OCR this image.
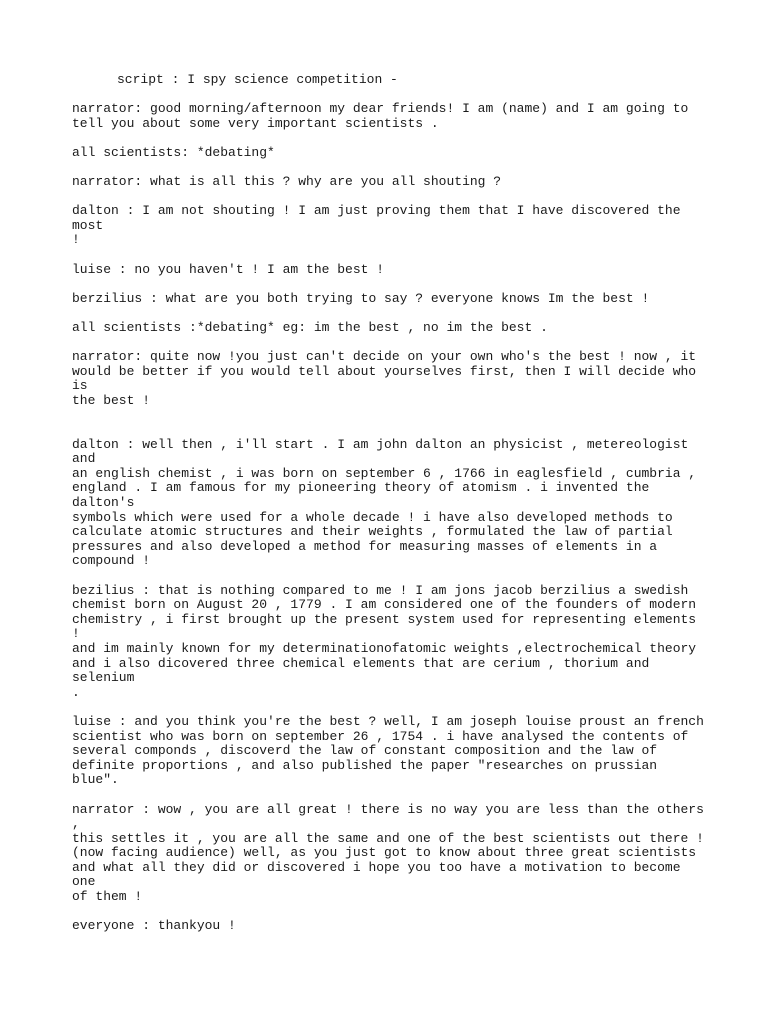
script : I spy science competition -

narrator: good morning/afternoon my dear friends! I am (name) and I am going to
tell you about some very important scientists .

all scientists: *debating*

narrator: what is all this ? why are you all shouting ?

dalton : I am not shouting ! I am just proving them that I have discovered the most
!

luise : no you haven't ! I am the best !

berzilius : what are you both trying to say ? everyone knows Im the best !

all scientists :*debating* eg: im the best , no im the best .

narrator: quite now !you just can't decide on your own who's the best ! now , it
would be better if you would tell about yourselves first, then I will decide who is
the best !

dalton : well then , i'll start . I am john dalton an physicist , metereologist and
an english chemist , i was born on september 6 , 1766 in eaglesfield , cumbria ,
england . I am famous for my pioneering theory of atomism . i invented the dalton's
symbols which were used for a whole decade ! i have also developed methods to
calculate atomic structures and their weights , formulated the law of partial
pressures and also developed a method for measuring masses of elements in a
compound !

bezilius : that is nothing compared to me ! I am jons jacob berzilius a swedish
chemist born on August 20 , 1779 . I am considered one of the founders of modern
chemistry , i first brought up the present system used for representing elements !
and im mainly known for my determinationofatomic weights ,electrochemical theory
and i also dicovered three chemical elements that are cerium , thorium and selenium
.

luise : and you think you're the best ? well, I am joseph louise proust an french
scientist who was born on september 26 , 1754 . i have analysed the contents of
several componds , discoverd the law of constant composition and the law of
definite proportions , and also published the paper "researches on prussian blue".

narrator : wow , you are all great ! there is no way you are less than the others ,
this settles it , you are all the same and one of the best scientists out there !
(now facing audience) well, as you just got to know about three great scientists
and what all they did or discovered i hope you too have a motivation to become one
of them !

everyone : thankyou !
